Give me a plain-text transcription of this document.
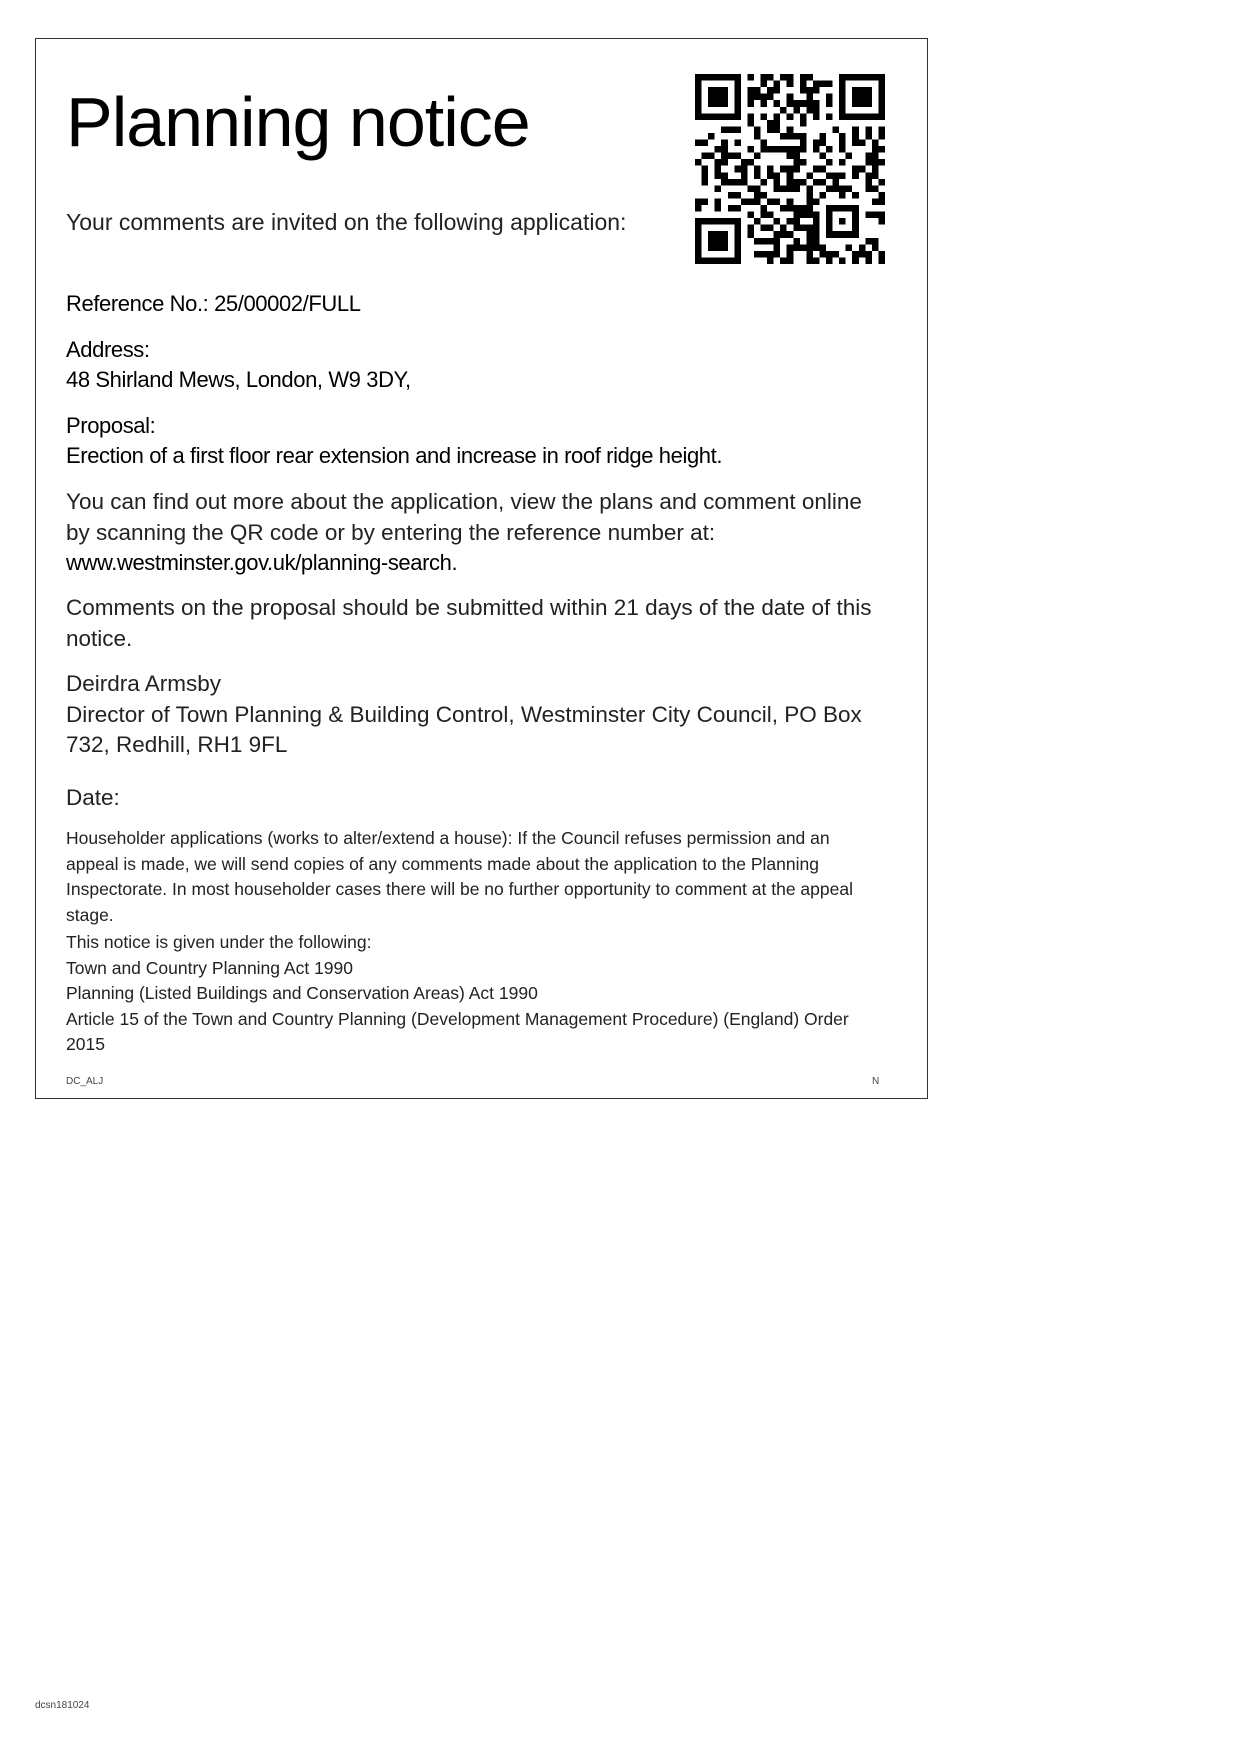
Planning notice

Your comments are invited on the following application:

Reference No.: 25/00002/FULL

Address:
48 Shirland Mews, London, W9 3DY,
Proposal:
Erection of a first floor rear extension and increase in roof ridge height.
You can find out more about the application, view the plans and comment online by scanning the QR code or by entering the reference number at:
www.westminster.gov.uk/planning-search.

Comments on the proposal should be submitted within 21 days of the date of this notice.

Deirdra Armsby
Director of Town Planning & Building Control, Westminster City Council, PO Box 732, Redhill, RH1 9FL

Date:

Householder applications (works to alter/extend a house): If the Council refuses permission and an appeal is made, we will send copies of any comments made about the application to the Planning Inspectorate. In most householder cases there will be no further opportunity to comment at the appeal stage.

This notice is given under the following:
Town and Country Planning Act 1990
Planning (Listed Buildings and Conservation Areas) Act 1990
Article 15 of the Town and Country Planning (Development Management Procedure) (England) Order 2015
DC_ALJ	N
dcsn181024
